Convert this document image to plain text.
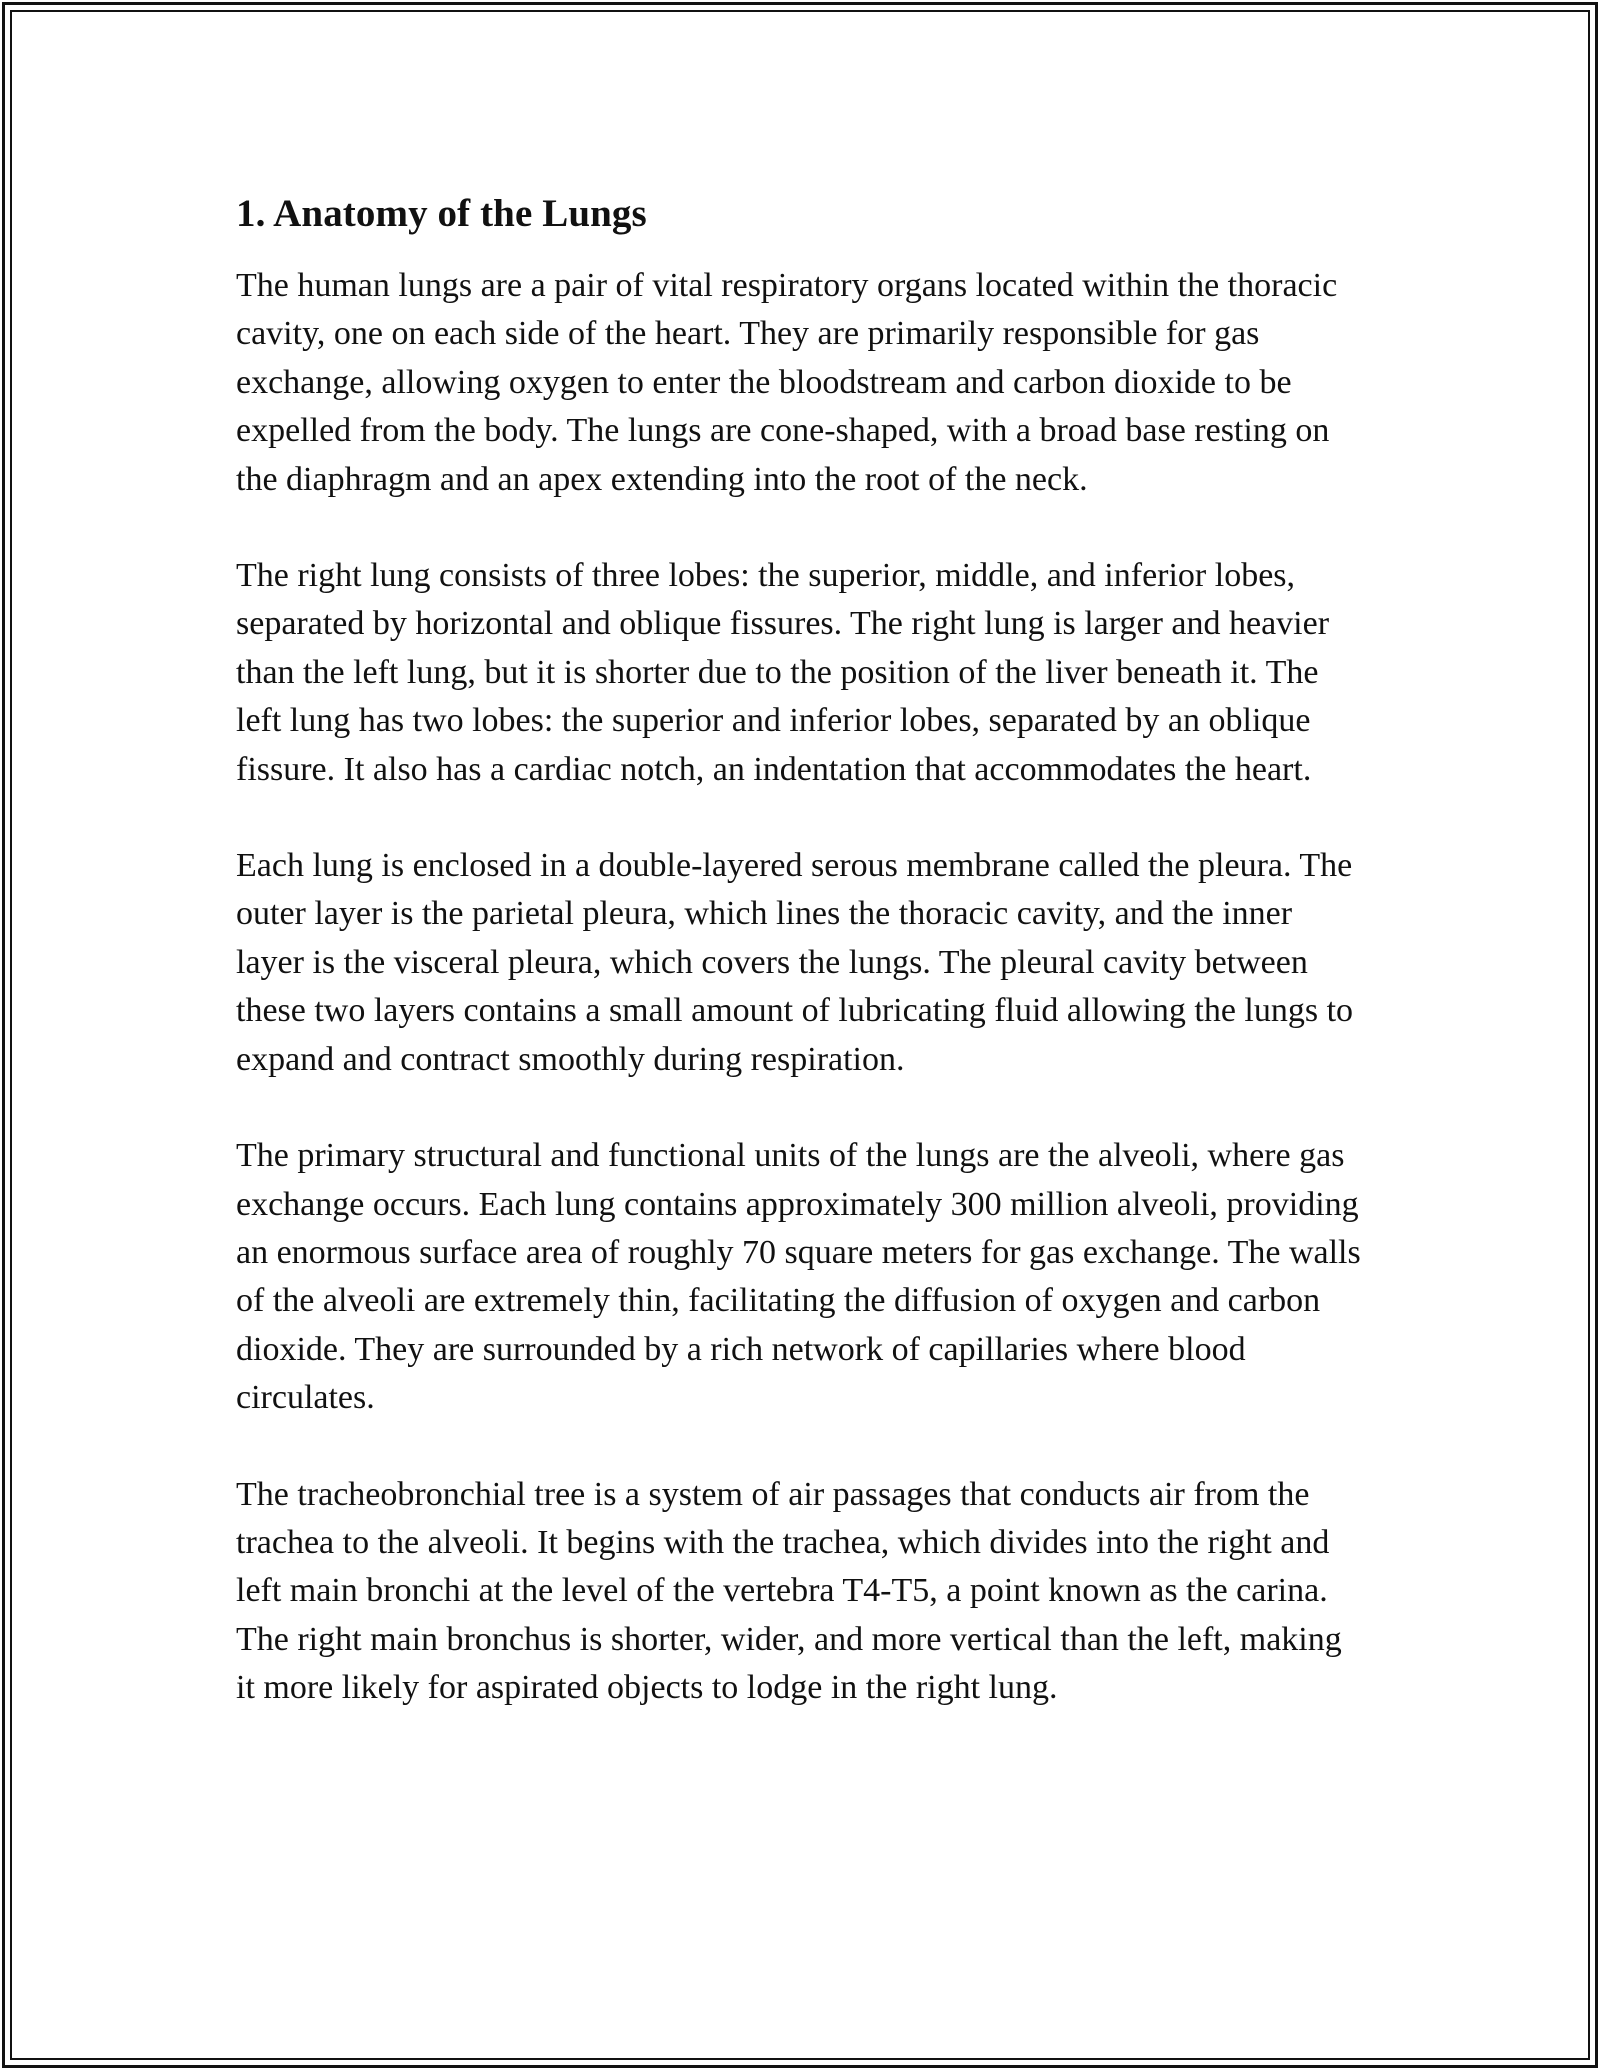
1. Anatomy of the Lungs

The human lungs are a pair of vital respiratory organs located within the thoracic cavity, one on each side of the heart. They are primarily responsible for gas exchange, allowing oxygen to enter the bloodstream and carbon dioxide to be expelled from the body. The lungs are cone-shaped, with a broad base resting on the diaphragm and an apex extending into the root of the neck.

The right lung consists of three lobes: the superior, middle, and inferior lobes, separated by horizontal and oblique fissures. The right lung is larger and heavier than the left lung, but it is shorter due to the position of the liver beneath it. The left lung has two lobes: the superior and inferior lobes, separated by an oblique fissure. It also has a cardiac notch, an indentation that accommodates the heart.

Each lung is enclosed in a double-layered serous membrane called the pleura. The outer layer is the parietal pleura, which lines the thoracic cavity, and the inner layer is the visceral pleura, which covers the lungs. The pleural cavity between these two layers contains a small amount of lubricating fluid allowing the lungs to expand and contract smoothly during respiration.

The primary structural and functional units of the lungs are the alveoli, where gas exchange occurs. Each lung contains approximately 300 million alveoli, providing an enormous surface area of roughly 70 square meters for gas exchange. The walls of the alveoli are extremely thin, facilitating the diffusion of oxygen and carbon dioxide. They are surrounded by a rich network of capillaries where blood circulates.

The tracheobronchial tree is a system of air passages that conducts air from the trachea to the alveoli. It begins with the trachea, which divides into the right and left main bronchi at the level of the vertebra T4-T5, a point known as the carina. The right main bronchus is shorter, wider, and more vertical than the left, making it more likely for aspirated objects to lodge in the right lung.
